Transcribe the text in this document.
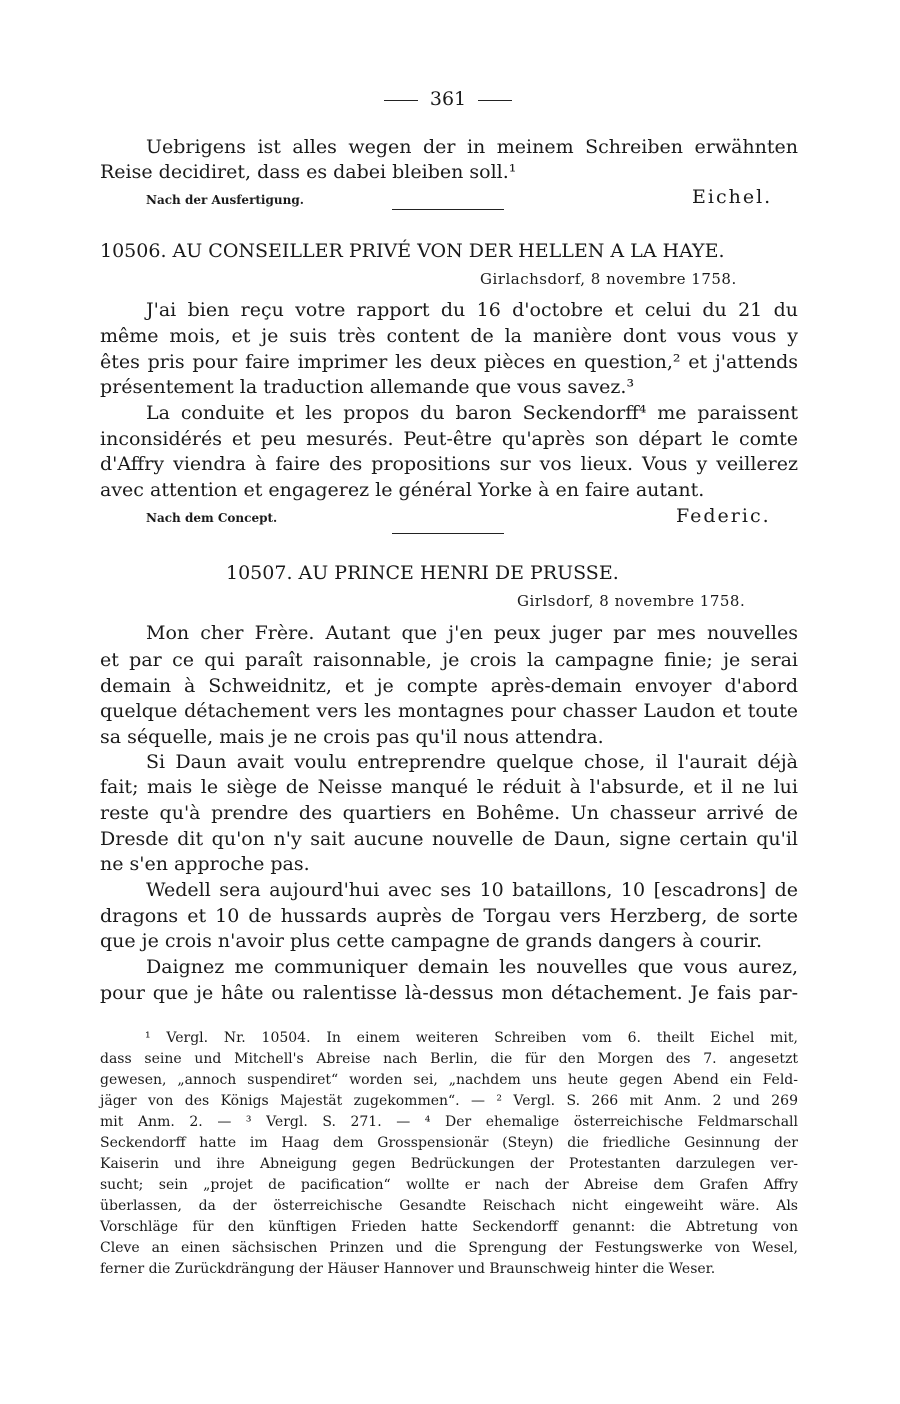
361
Uebrigens ist alles wegen der in meinem Schreiben erwähnten
Reise decidiret, dass es dabei bleiben soll.¹
Nach der Ausfertigung.	Eichel.
10506. AU CONSEILLER PRIVÉ VON DER HELLEN A LA HAYE.
Girlachsdorf, 8 novembre 1758.
J'ai bien reçu votre rapport du 16 d'octobre et celui du 21 du
même mois, et je suis très content de la manière dont vous vous y
êtes pris pour faire imprimer les deux pièces en question,² et j'attends
présentement la traduction allemande que vous savez.³
La conduite et les propos du baron Seckendorff⁴ me paraissent
inconsidérés et peu mesurés. Peut-être qu'après son départ le comte
d'Affry viendra à faire des propositions sur vos lieux. Vous y veillerez
avec attention et engagerez le général Yorke à en faire autant.
Nach dem Concept.	Federic.
10507. AU PRINCE HENRI DE PRUSSE.
Girlsdorf, 8 novembre 1758.
Mon cher Frère. Autant que j'en peux juger par mes nouvelles
et par ce qui paraît raisonnable, je crois la campagne finie; je serai
demain à Schweidnitz, et je compte après-demain envoyer d'abord
quelque détachement vers les montagnes pour chasser Laudon et toute
sa séquelle, mais je ne crois pas qu'il nous attendra.
Si Daun avait voulu entreprendre quelque chose, il l'aurait déjà
fait; mais le siège de Neisse manqué le réduit à l'absurde, et il ne lui
reste qu'à prendre des quartiers en Bohême. Un chasseur arrivé de
Dresde dit qu'on n'y sait aucune nouvelle de Daun, signe certain qu'il
ne s'en approche pas.
Wedell sera aujourd'hui avec ses 10 bataillons, 10 [escadrons] de
dragons et 10 de hussards auprès de Torgau vers Herzberg, de sorte
que je crois n'avoir plus cette campagne de grands dangers à courir.
Daignez me communiquer demain les nouvelles que vous aurez,
pour que je hâte ou ralentisse là-dessus mon détachement. Je fais par-
¹ Vergl. Nr. 10504. In einem weiteren Schreiben vom 6. theilt Eichel mit,
dass seine und Mitchell's Abreise nach Berlin, die für den Morgen des 7. angesetzt
gewesen, „annoch suspendiret“ worden sei, „nachdem uns heute gegen Abend ein Feld-
jäger von des Königs Majestät zugekommen“. — ² Vergl. S. 266 mit Anm. 2 und 269
mit Anm. 2. — ³ Vergl. S. 271. — ⁴ Der ehemalige österreichische Feldmarschall
Seckendorff hatte im Haag dem Grosspensionär (Steyn) die friedliche Gesinnung der
Kaiserin und ihre Abneigung gegen Bedrückungen der Protestanten darzulegen ver-
sucht; sein „projet de pacification“ wollte er nach der Abreise dem Grafen Affry
überlassen, da der österreichische Gesandte Reischach nicht eingeweiht wäre. Als
Vorschläge für den künftigen Frieden hatte Seckendorff genannt: die Abtretung von
Cleve an einen sächsischen Prinzen und die Sprengung der Festungswerke von Wesel,
ferner die Zurückdrängung der Häuser Hannover und Braunschweig hinter die Weser.
